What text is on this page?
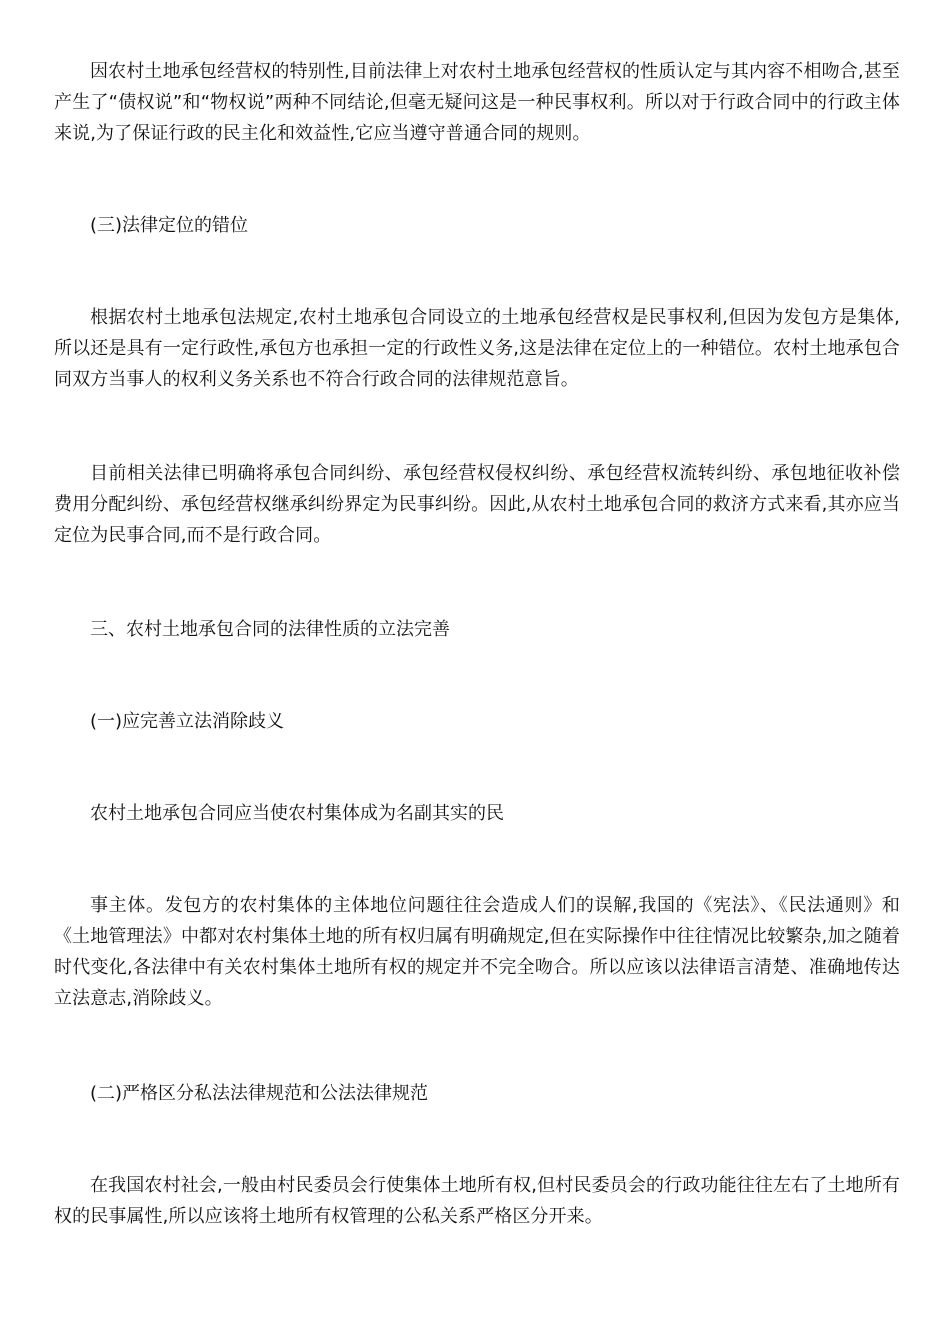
因农村土地承包经营权的特别性,目前法律上对农村土地承包经营权的性质认定与其内容不相吻合,甚至产生了“债权说”和“物权说”两种不同结论,但毫无疑问这是一种民事权利。所以对于行政合同中的行政主体来说,为了保证行政的民主化和效益性,它应当遵守普通合同的规则。

(三)法律定位的错位

根据农村土地承包法规定,农村土地承包合同设立的土地承包经营权是民事权利,但因为发包方是集体,所以还是具有一定行政性,承包方也承担一定的行政性义务,这是法律在定位上的一种错位。农村土地承包合同双方当事人的权利义务关系也不符合行政合同的法律规范意旨。

目前相关法律已明确将承包合同纠纷、承包经营权侵权纠纷、承包经营权流转纠纷、承包地征收补偿费用分配纠纷、承包经营权继承纠纷界定为民事纠纷。因此,从农村土地承包合同的救济方式来看,其亦应当定位为民事合同,而不是行政合同。

三、农村土地承包合同的法律性质的立法完善

(一)应完善立法消除歧义

农村土地承包合同应当使农村集体成为名副其实的民

事主体。发包方的农村集体的主体地位问题往往会造成人们的误解,我国的《宪法》、《民法通则》和《土地管理法》中都对农村集体土地的所有权归属有明确规定,但在实际操作中往往情况比较繁杂,加之随着时代变化,各法律中有关农村集体土地所有权的规定并不完全吻合。所以应该以法律语言清楚、准确地传达立法意志,消除歧义。

(二)严格区分私法法律规范和公法法律规范

在我国农村社会,一般由村民委员会行使集体土地所有权,但村民委员会的行政功能往往左右了土地所有权的民事属性,所以应该将土地所有权管理的公私关系严格区分开来。
